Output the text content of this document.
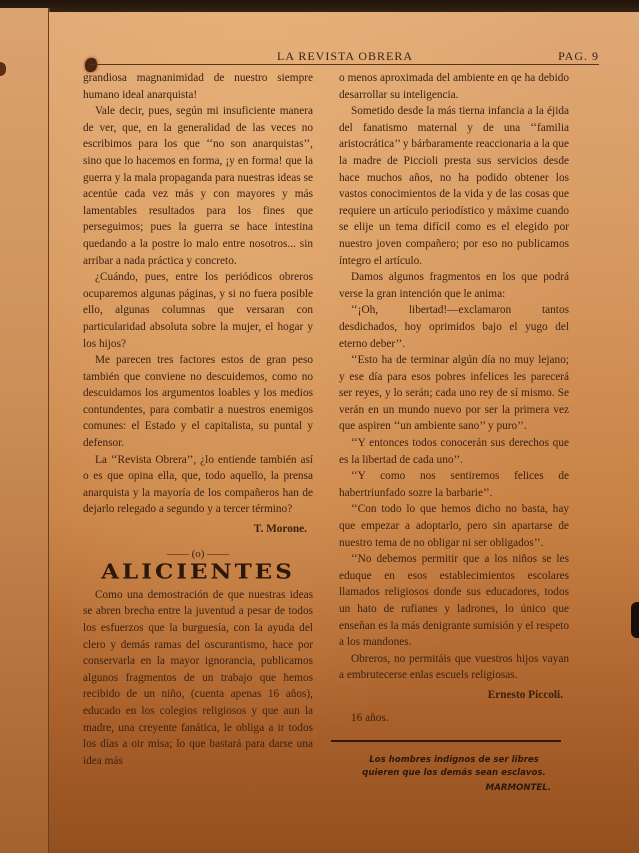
LA REVISTA OBRERA	PAG. 9

grandiosa magnanimidad de nuestro siempre humano ideal anarquista!

Vale decir, pues, según mi insuficiente manera de ver, que, en la generalidad de las veces no escribimos para los que ‘‘no son anarquistas’’, sino que lo hacemos en forma, ¡y en forma! que la guerra y la mala propaganda para nuestras ideas se acentúe cada vez más y con mayores y más lamentables resultados para los fines que perseguimos; pues la guerra se hace intestina quedando a la postre lo malo entre nosotros... sin arribar a nada práctica y concreto.

¿Cuándo, pues, entre los periódicos obreros ocuparemos algunas páginas, y si no fuera posible ello, algunas columnas que versaran con particularidad absoluta sobre la mujer, el hogar y los hijos?

Me parecen tres factores estos de gran peso también que conviene no descuidemos, como no descuidamos los argumentos loables y los medios contundentes, para combatir a nuestros enemigos comunes: el Estado y el capitalista, su puntal y defensor.

La ‘‘Revista Obrera’’, ¿lo entiende también así o es que opina ella, que, todo aquello, la prensa anarquista y la mayoría de los compañeros han de dejarlo relegado a segundo y a tercer término?

T. Morone.
—— (o) ——
ALICIENTES

Como una demostración de que nuestras ideas se abren brecha entre la juventud a pesar de todos los esfuerzos que la burguesía, con la ayuda del clero y demás ramas del oscurantismo, hace por conservarla en la mayor ignorancia, publicamos algunos fragmentos de un trabajo que hemos recibido de un niño, (cuenta apenas 16 años), educado en los colegios religiosos y que aun la madre, una creyente fanática, le obliga a ir todos los días a oir misa; lo que bastará para darse una idea más

o menos aproximada del ambiente en qe ha debido desarrollar su inteligencia.

Sometido desde la más tierna infancia a la éjida del fanatismo maternal y de una ‘‘familia aristocrática’’ y bárbaramente reaccionaria a la que la madre de Piccioli presta sus servicios desde hace muchos años, no ha podido obtener los vastos conocimientos de la vida y de las cosas que requiere un artículo periodístico y máxime cuando se elije un tema difícil como es el elegido por nuestro joven compañero; por eso no publicamos íntegro el artículo.

Damos algunos fragmentos en los que podrá verse la gran intención que le anima:

‘‘¡Oh, libertad!—exclamaron tantos desdichados, hoy oprimidos bajo el yugo del eterno deber’’.

‘‘Esto ha de terminar algún día no muy lejano; y ese día para esos pobres infelices les parecerá ser reyes, y lo serán; cada uno rey de sí mismo. Se verán en un mundo nuevo por ser la primera vez que aspiren ‘‘un ambiente sano’’ y puro’’.

‘‘Y entonces todos conocerán sus derechos que es la libertad de cada uno’’.

‘‘Y como nos sentiremos felices de habertriunfado sozre la barbarie’’.

‘‘Con todo lo que hemos dicho no basta, hay que empezar a adoptarlo, pero sin apartarse de nuestro tema de no obligar ni ser obligados’’.

‘‘No debemos permitir que a los niños se les eduque en esos establecimientos escolares llamados religiosos donde sus educadores, todos un hato de rufianes y ladrones, lo único que enseñan es la más denigrante sumisión y el respeto a los mandones.

Obreros, no permitáis que vuestros hijos vayan a embrutecerse enlas escuels religiosas.

Ernesto Piccoli.
16 años.
Los hombres indignos de ser libres
quieren que los demás sean esclavos.
MARMONTEL.
